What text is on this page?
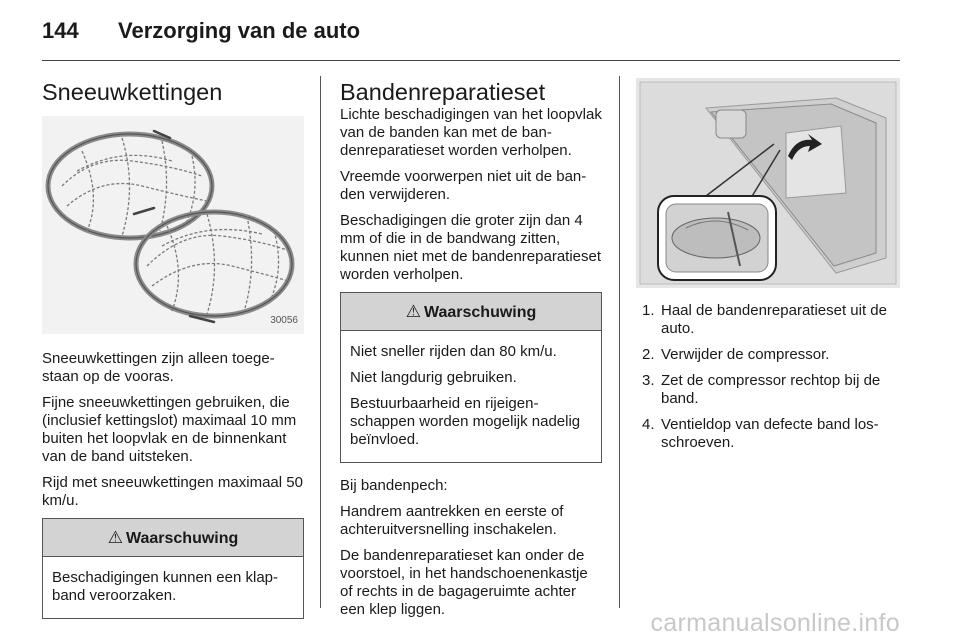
144 Verzorging van de auto
Sneeuwkettingen
30056

Sneeuwkettingen zijn alleen toegestaan op de vooras.

Fijne sneeuwkettingen gebruiken, die (inclusief kettingslot) maximaal 10 mm buiten het loopvlak en de binnenkant van de band uitsteken.

Rijd met sneeuwkettingen maximaal 50 km/u.

⚠ Waarschuwing

Beschadigingen kunnen een klapband veroorzaken.

Bandenreparatieset

Lichte beschadigingen van het loopvlak van de banden kan met de bandenreparatieset worden verholpen.

Vreemde voorwerpen niet uit de banden verwijderen.

Beschadigingen die groter zijn dan 4 mm of die in de bandwang zitten, kunnen niet met de bandenreparatieset worden verholpen.

⚠ Waarschuwing

Niet sneller rijden dan 80 km/u.

Niet langdurig gebruiken.

Bestuurbaarheid en rijeigenschappen worden mogelijk nadelig beïnvloed.

Bij bandenpech:

Handrem aantrekken en eerste of achteruitversnelling inschakelen.

De bandenreparatieset kan onder de voorstoel, in het handschoenenkastje of rechts in de bagageruimte achter een klep liggen.

1. Haal de bandenreparatieset uit de auto.
2. Verwijder de compressor.
3. Zet de compressor rechtop bij de band.
4. Ventieldop van defecte band losschroeven.
carmanualsonline.info
